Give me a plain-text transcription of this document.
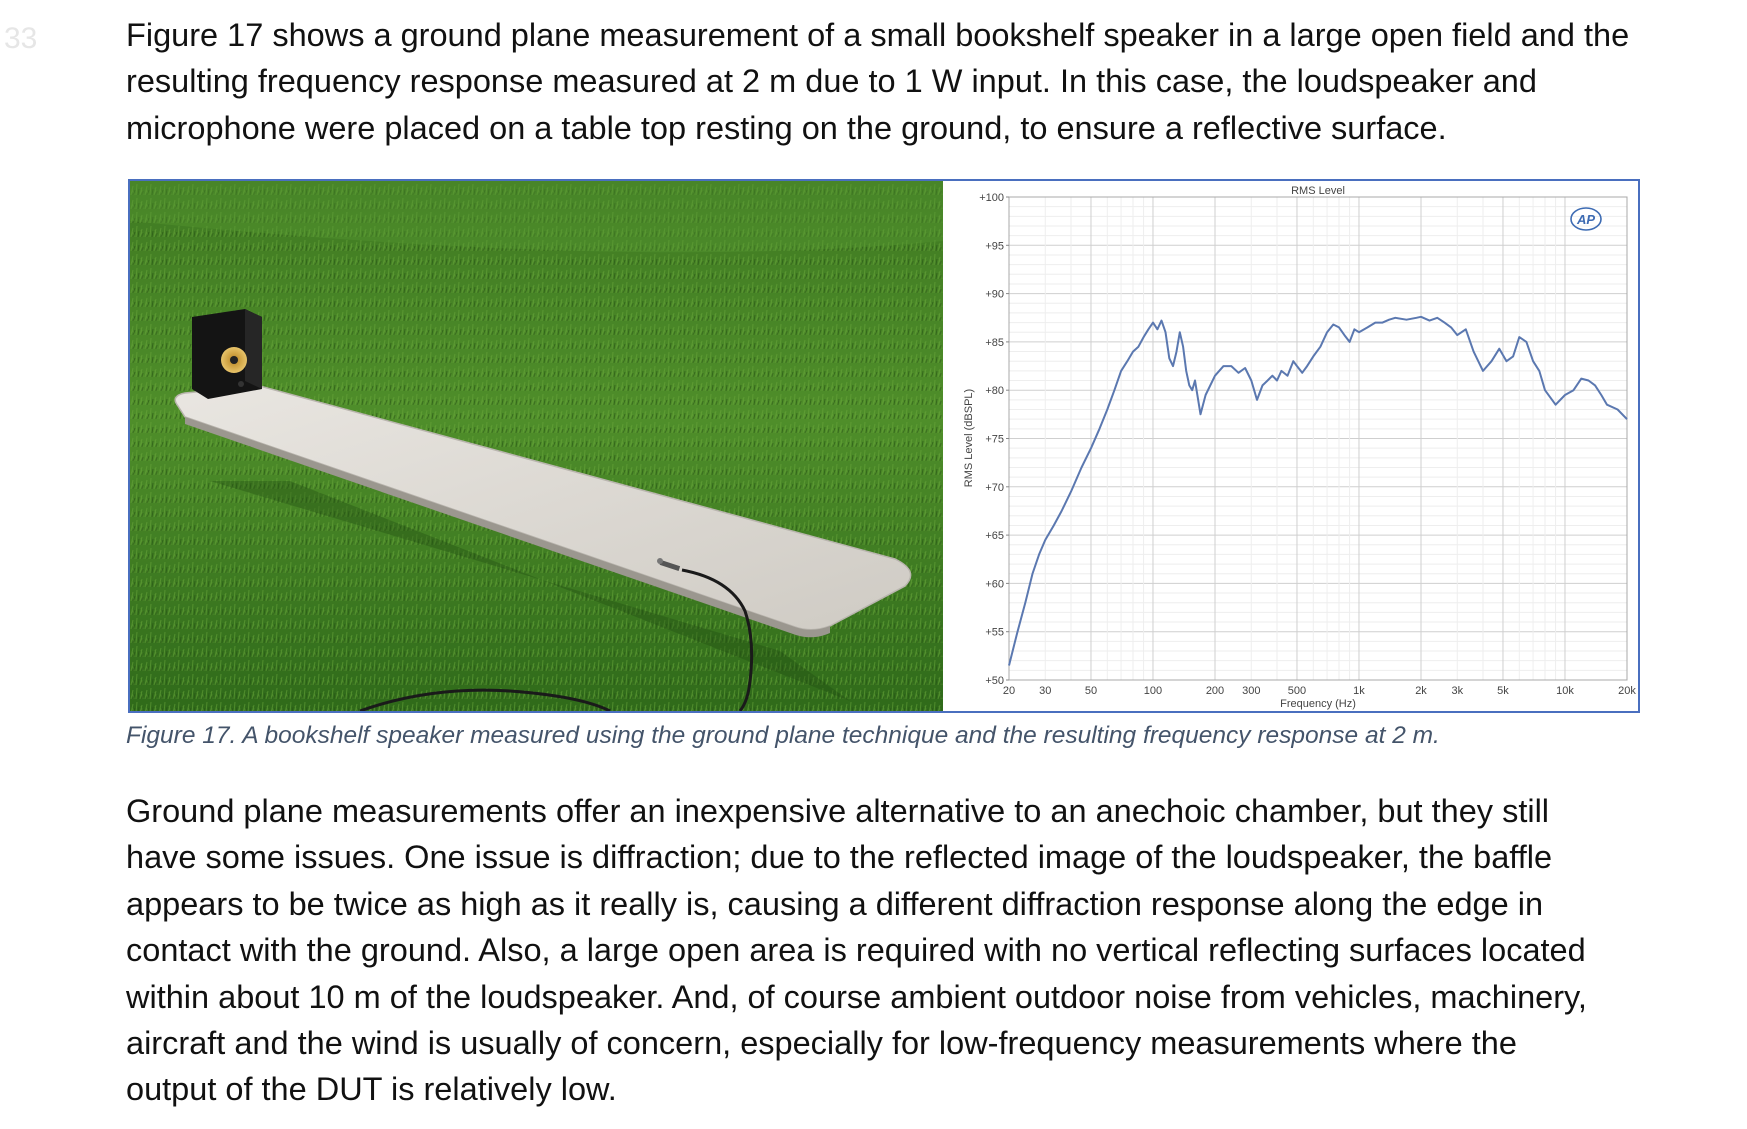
33	Figure 17 shows a ground plane measurement of a small bookshelf speaker in a large open field and the
resulting frequency response measured at 2 m due to 1 W input. In this case, the loudspeaker and
microphone were placed on a table top resting on the ground, to ensure a reflective surface.

RMS Level
Frequency (Hz)
RMS Level (dBSPL)
+100
+95
+90
+85
+80
+75
+70
+65
+60
+55
+50
20 30	50	100	200 300 500	1k	2k 3k	5k	10k	20k
AP
Figure 17. A bookshelf speaker measured using the ground plane technique and the resulting frequency response at 2 m.

Ground plane measurements offer an inexpensive alternative to an anechoic chamber, but they still
have some issues. One issue is diffraction; due to the reflected image of the loudspeaker, the baffle
appears to be twice as high as it really is, causing a different diffraction response along the edge in
contact with the ground. Also, a large open area is required with no vertical reflecting surfaces located
within about 10 m of the loudspeaker. And, of course ambient outdoor noise from vehicles, machinery,
aircraft and the wind is usually of concern, especially for low-frequency measurements where the
output of the DUT is relatively low.
